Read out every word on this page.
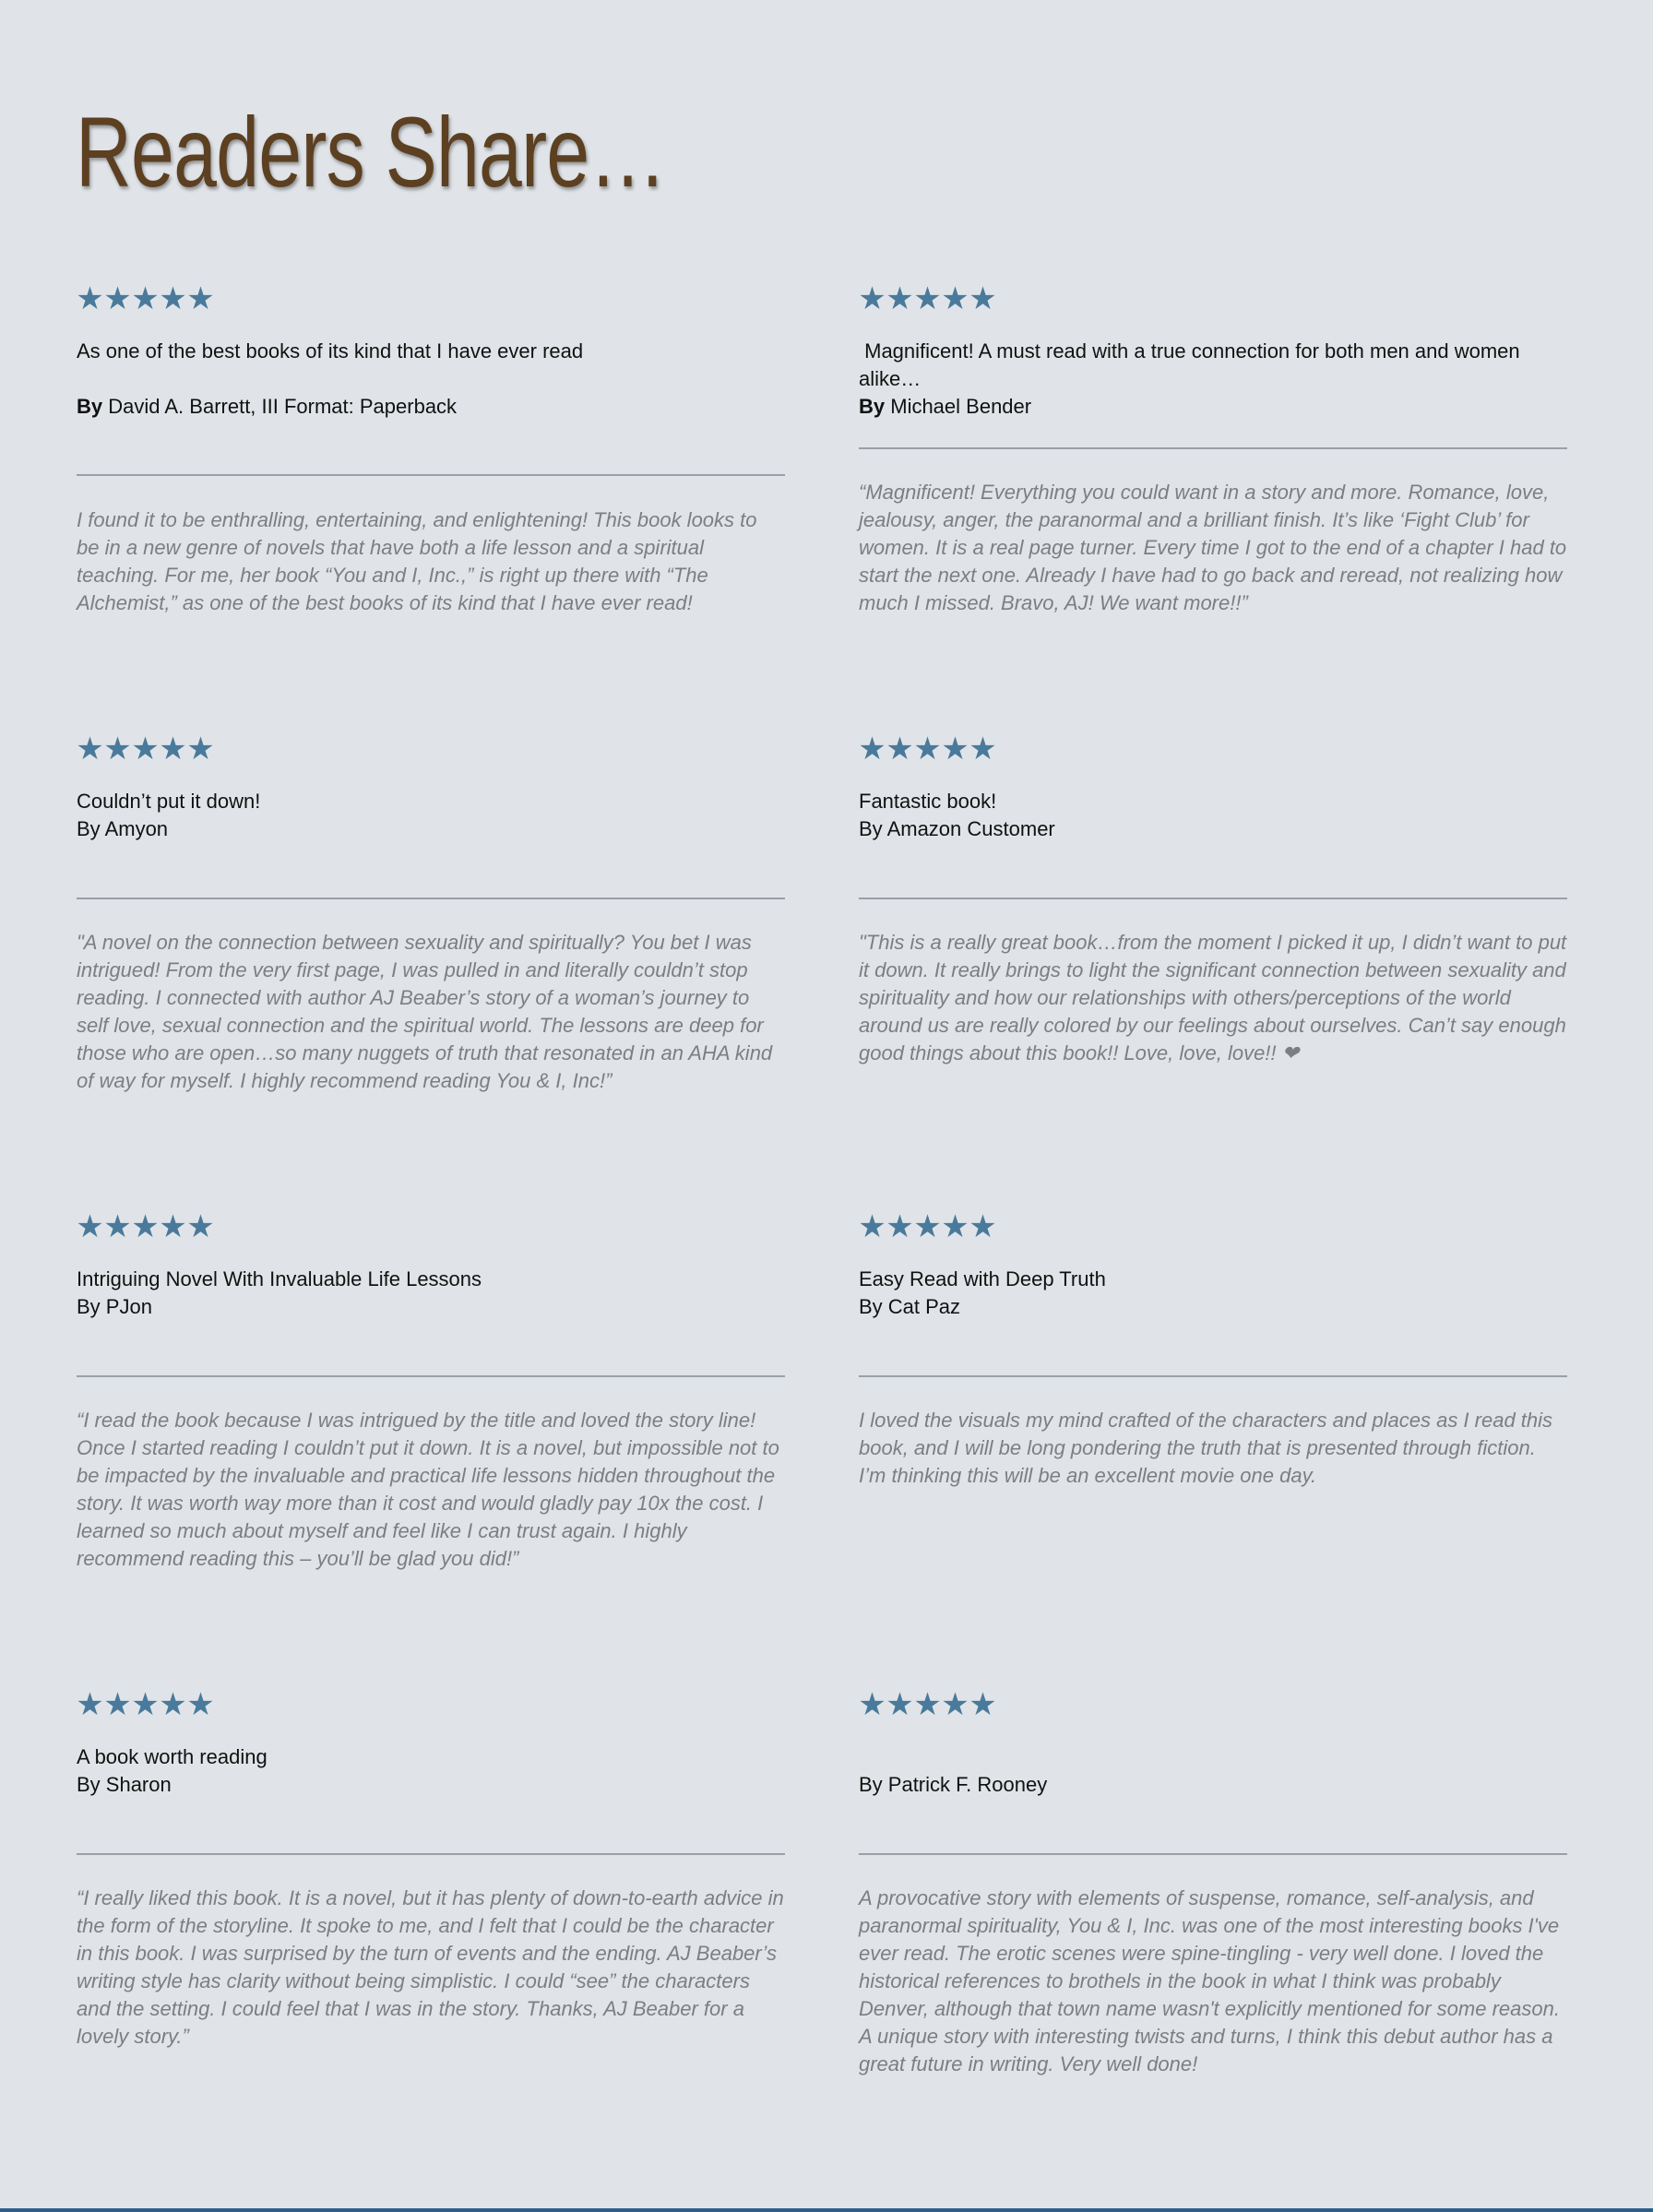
Readers Share…
★ ★ ★ ★ ★
As one of the best books of its kind that I have ever read
By David A. Barrett, III Format: Paperback

I found it to be enthralling, entertaining, and enlightening! This book looks to be in a new genre of novels that have both a life lesson and a spiritual teaching. For me, her book “You and I, Inc.,” is right up there with “The Alchemist,” as one of the best books of its kind that I have ever read!

★ ★ ★ ★ ★
Magnificent! A must read with a true connection for both men and women alike…
By Michael Bender

“Magnificent! Everything you could want in a story and more. Romance, love, jealousy, anger, the paranormal and a brilliant finish. It’s like ‘Fight Club’ for women. It is a real page turner. Every time I got to the end of a chapter I had to start the next one. Already I have had to go back and reread, not realizing how much I missed. Bravo, AJ! We want more!!”

★ ★ ★ ★ ★
Couldn’t put it down!
By Amyon

"A novel on the connection between sexuality and spiritually? You bet I was intrigued! From the very first page, I was pulled in and literally couldn’t stop reading. I connected with author AJ Beaber’s story of a woman’s journey to self love, sexual connection and the spiritual world. The lessons are deep for those who are open…so many nuggets of truth that resonated in an AHA kind of way for myself. I highly recommend reading You & I, Inc!”

★ ★ ★ ★ ★
Fantastic book!
By Amazon Customer

"This is a really great book…from the moment I picked it up, I didn’t want to put it down. It really brings to light the significant connection between sexuality and spirituality and how our relationships with others/perceptions of the world around us are really colored by our feelings about ourselves. Can’t say enough good things about this book!! Love, love, love!! ❤

★ ★ ★ ★ ★
Intriguing Novel With Invaluable Life Lessons
By PJon

“I read the book because I was intrigued by the title and loved the story line! Once I started reading I couldn’t put it down. It is a novel, but impossible not to be impacted by the invaluable and practical life lessons hidden throughout the story. It was worth way more than it cost and would gladly pay 10x the cost. I learned so much about myself and feel like I can trust again. I highly recommend reading this – you’ll be glad you did!”

★ ★ ★ ★ ★
Easy Read with Deep Truth
By Cat Paz

I loved the visuals my mind crafted of the characters and places as I read this book, and I will be long pondering the truth that is presented through fiction. I’m thinking this will be an excellent movie one day.

★ ★ ★ ★ ★
A book worth reading
By Sharon

“I really liked this book. It is a novel, but it has plenty of down-to-earth advice in the form of the storyline. It spoke to me, and I felt that I could be the character in this book. I was surprised by the turn of events and the ending. AJ Beaber’s writing style has clarity without being simplistic. I could “see” the characters and the setting. I could feel that I was in the story. Thanks, AJ Beaber for a lovely story.”

★ ★ ★ ★ ★
By Patrick F. Rooney

A provocative story with elements of suspense, romance, self-analysis, and paranormal spirituality, You & I, Inc. was one of the most interesting books I've ever read. The erotic scenes were spine-tingling - very well done. I loved the historical references to brothels in the book in what I think was probably Denver, although that town name wasn't explicitly mentioned for some reason. A unique story with interesting twists and turns, I think this debut author has a great future in writing. Very well done!
